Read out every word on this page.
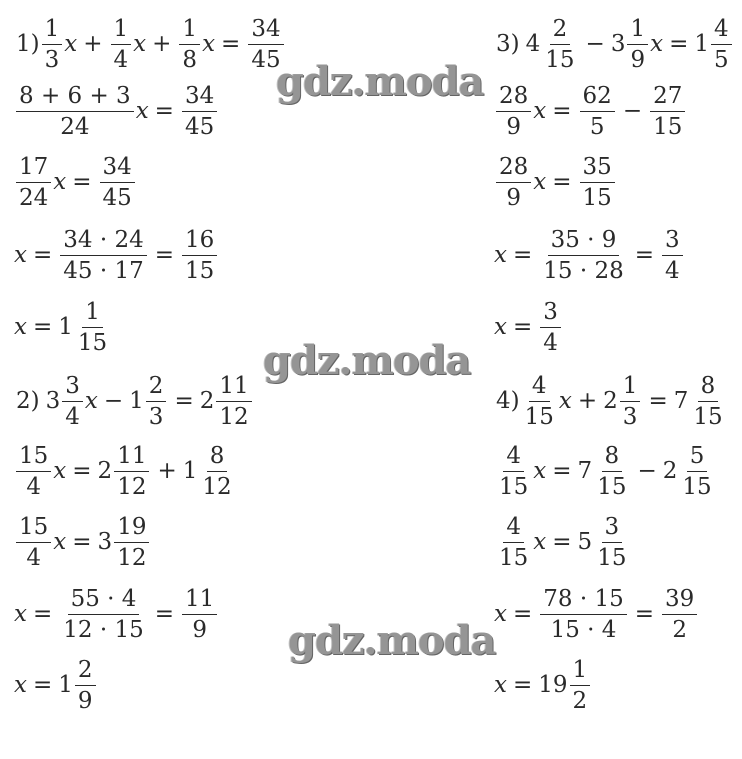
gdz.moda
gdz.moda
gdz.moda
1)
1
3
$x + \frac{1}{4}$ $x + \frac{1}{8}$ $x = \frac{34}{45}$
8 + 6 + 3
24
$x = \frac{34}{45}$
17
24
$x = \frac{34}{45}$
$x = \frac{34 \cdot 24}{45 \cdot 17} = \frac{16}{15}$
x = 1
1
15
2) 3
3
4
x − 1
2
3
= 2
11
12
15
4
x = 2
11
12
+ 1
8
12
15
4
x = 3
19
12
$x = \frac{55 \cdot 4}{12 \cdot 15} = \frac{11}{9}$
x = 1
2
9
3) 4
2
15
− 3
1
9
x = 1
4
5
28
9
$x = \frac{62}{5} - \frac{27}{15}$
28
9
$x = \frac{35}{15}$
$x = \frac{35 \cdot 9}{15 \cdot 28} = \frac{3}{4}$
$x = \frac{3}{4}$
4)
4
15
x + 2
1
3
= 7
8
15
4
15
x = 7
8
15
− 2
5
15
4
15
x = 5
3
15
$x = \frac{78 \cdot 15}{15 \cdot 4} = \frac{39}{2}$
x = 19
1
2
